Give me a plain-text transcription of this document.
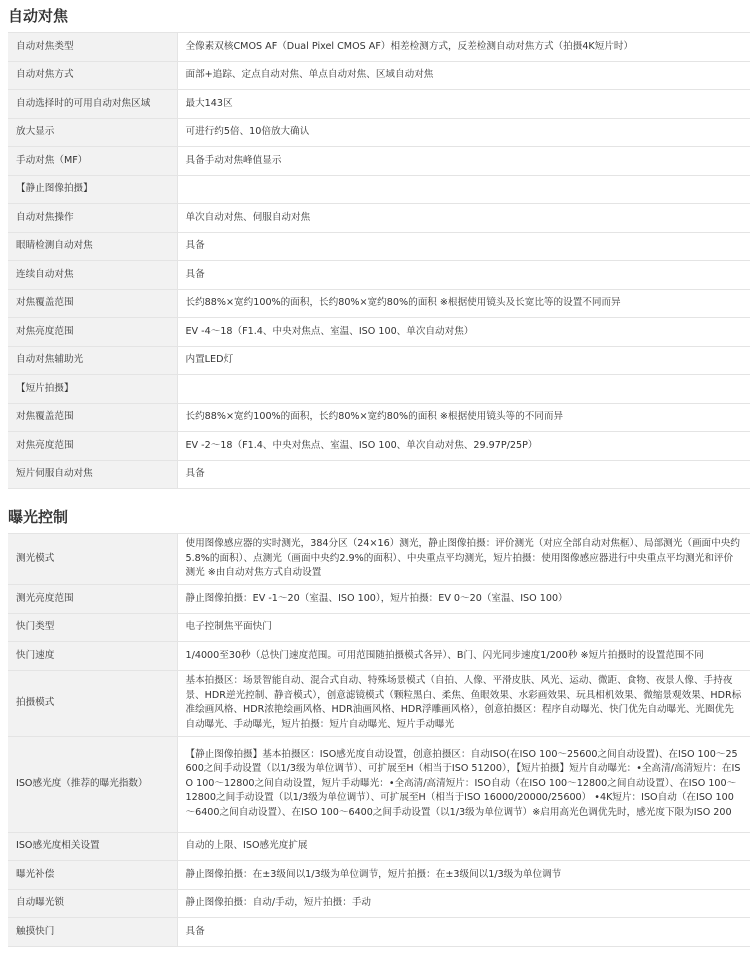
自动对焦
自动对焦类型	全像素双核CMOS AF（Dual Pixel CMOS AF）相差检测方式，反差检测自动对焦方式（拍摄4K短片时）
自动对焦方式	面部+追踪、定点自动对焦、单点自动对焦、区域自动对焦
自动选择时的可用自动对焦区域	最大143区
放大显示	可进行约5倍、10倍放大确认
手动对焦（MF）	具备手动对焦峰值显示
【静止图像拍摄】	
自动对焦操作	单次自动对焦、伺服自动对焦
眼睛检测自动对焦	具备
连续自动对焦	具备
对焦覆盖范围	长约88%×宽约100%的面积，长约80%×宽约80%的面积 ※根据使用镜头及长宽比等的设置不同而异
对焦亮度范围	EV -4～18（F1.4、中央对焦点、室温、ISO 100、单次自动对焦）
自动对焦辅助光	内置LED灯
【短片拍摄】	
对焦覆盖范围	长约88%×宽约100%的面积，长约80%×宽约80%的面积 ※根据使用镜头等的不同而异
对焦亮度范围	EV -2～18（F1.4、中央对焦点、室温、ISO 100、单次自动对焦、29.97P/25P）
短片伺服自动对焦	具备
曝光控制
测光模式	使用图像感应器的实时测光，384分区（24×16）测光，静止图像拍摄：评价测光（对应全部自动对焦框）、局部测光（画面中央约5.8%的面积）、点测光（画面中央约2.9%的面积）、中央重点平均测光，短片拍摄：使用图像感应器进行中央重点平均测光和评价测光 ※由自动对焦方式自动设置
测光亮度范围	静止图像拍摄：EV -1～20（室温、ISO 100），短片拍摄：EV 0～20（室温、ISO 100）
快门类型	电子控制焦平面快门
快门速度	1/4000至30秒（总快门速度范围。可用范围随拍摄模式各异）、B门、闪光同步速度1/200秒 ※短片拍摄时的设置范围不同
拍摄模式	基本拍摄区：场景智能自动、混合式自动、特殊场景模式（自拍、人像、平滑皮肤、风光、运动、微距、食物、夜景人像、手持夜景、HDR逆光控制、静音模式），创意滤镜模式（颗粒黑白、柔焦、鱼眼效果、水彩画效果、玩具相机效果、微缩景观效果、HDR标准绘画风格、HDR浓艳绘画风格、HDR油画风格、HDR浮雕画风格），创意拍摄区：程序自动曝光、快门优先自动曝光、光圈优先自动曝光、手动曝光，短片拍摄：短片自动曝光、短片手动曝光
ISO感光度（推荐的曝光指数）	【静止图像拍摄】基本拍摄区：ISO感光度自动设置，创意拍摄区：自动ISO(在ISO 100～25600之间自动设置)、在ISO 100～25600之间手动设置（以1/3级为单位调节）、可扩展至H（相当于ISO 51200），【短片拍摄】短片自动曝光：•全高清/高清短片：在ISO 100～12800之间自动设置，短片手动曝光：•全高清/高清短片：ISO自动（在ISO 100～12800之间自动设置）、在ISO 100～12800之间手动设置（以1/3级为单位调节）、可扩展至H（相当于ISO 16000/20000/25600） •4K短片：ISO自动（在ISO 100～6400之间自动设置）、在ISO 100～6400之间手动设置（以1/3级为单位调节）※启用高光色调优先时，感光度下限为ISO 200
ISO感光度相关设置	自动的上限、ISO感光度扩展
曝光补偿	静止图像拍摄：在±3级间以1/3级为单位调节，短片拍摄：在±3级间以1/3级为单位调节
自动曝光锁	静止图像拍摄：自动/手动，短片拍摄：手动
触摸快门	具备
